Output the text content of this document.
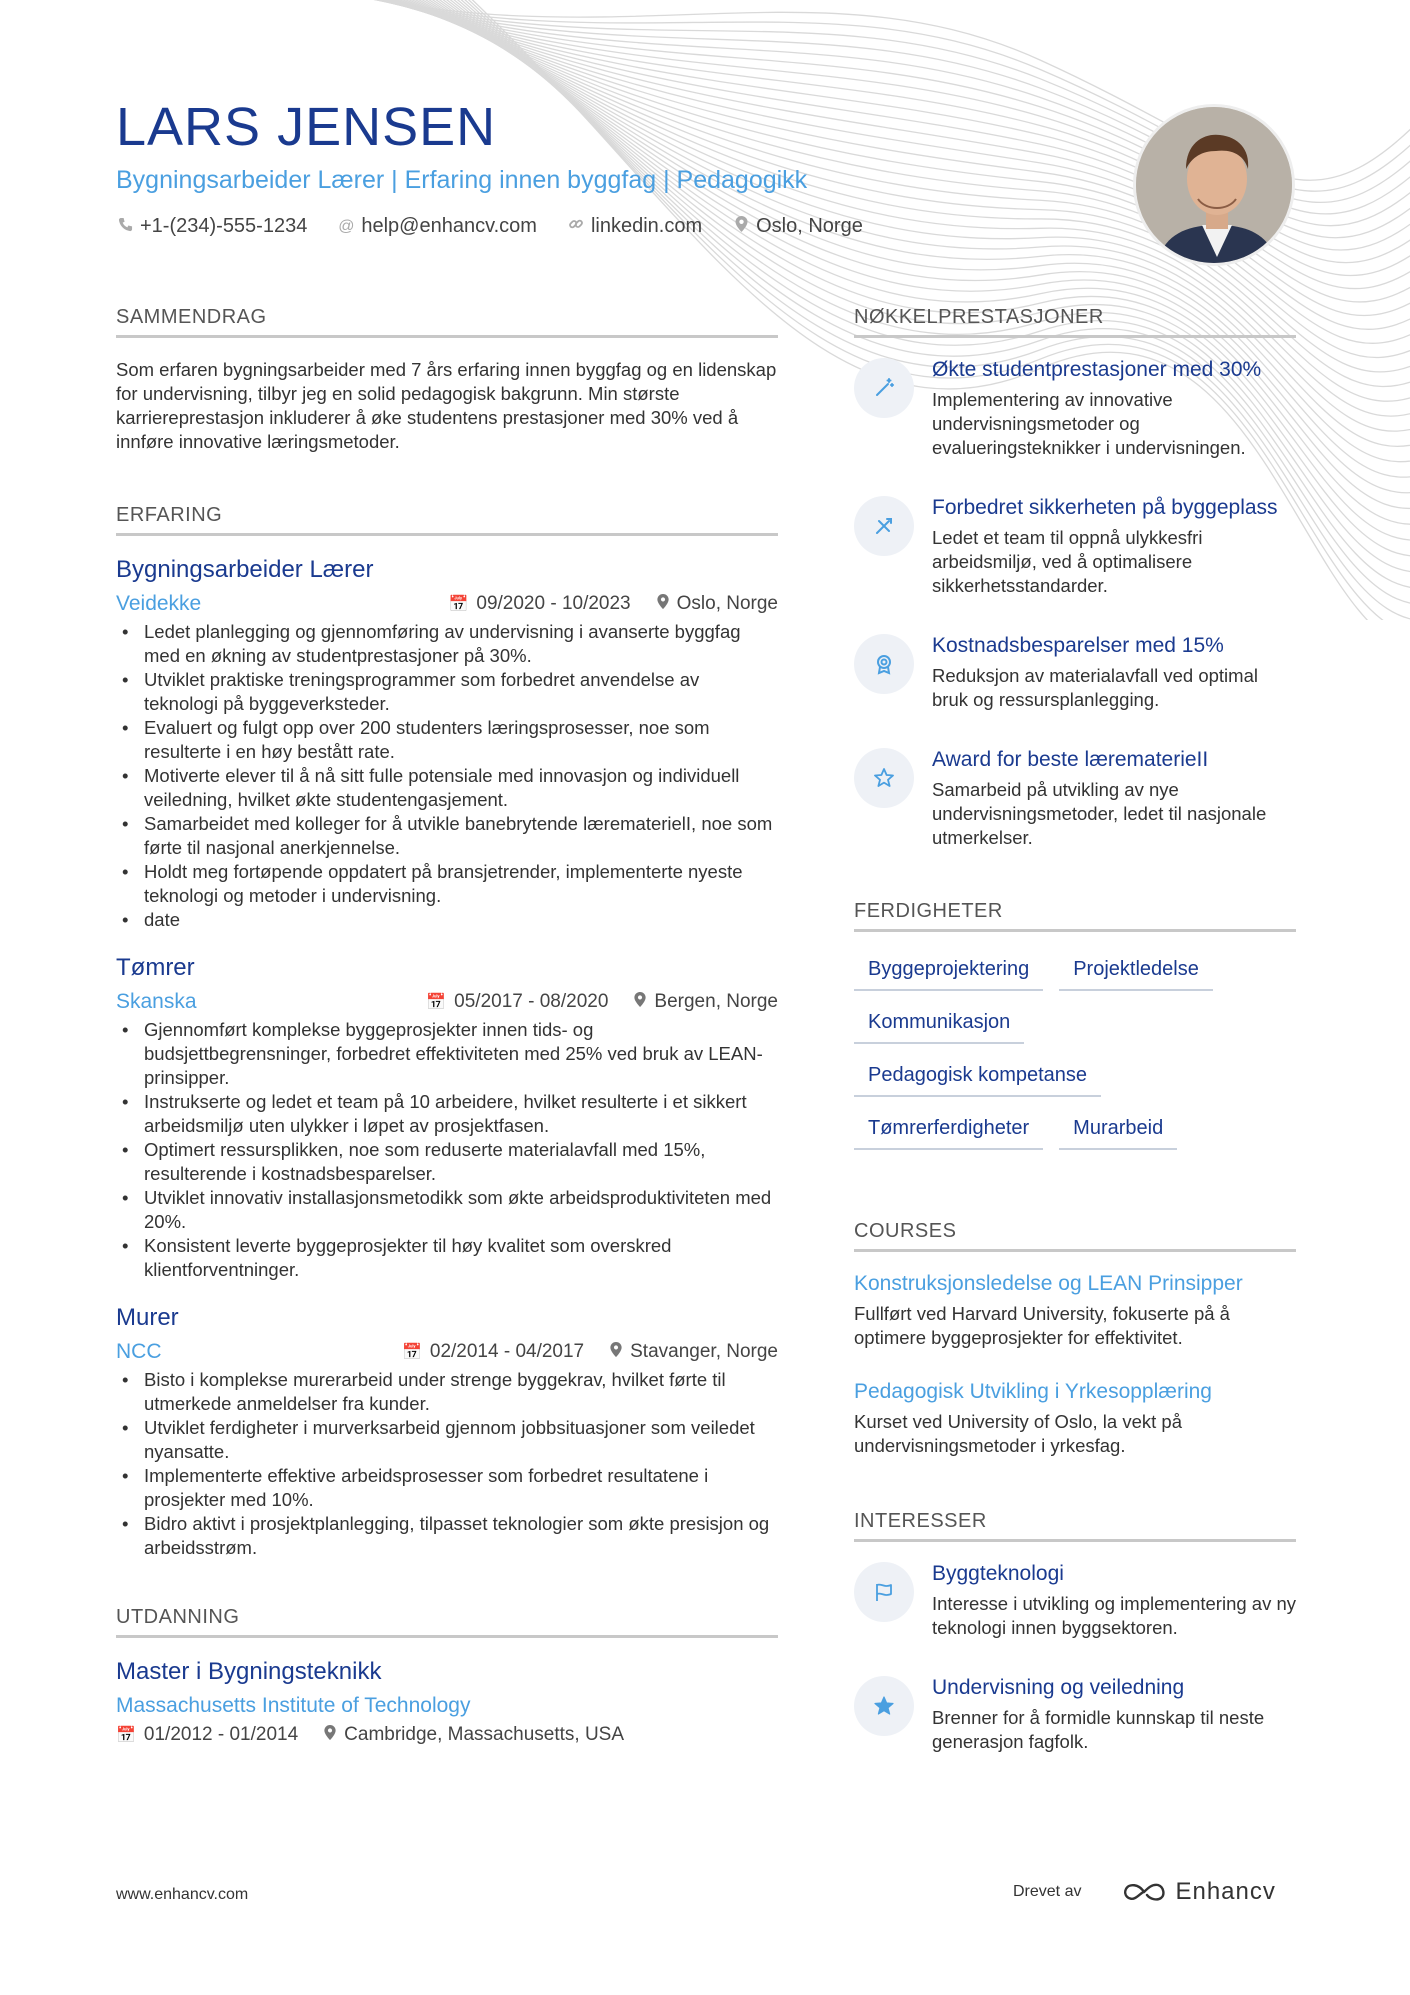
LARS JENSEN
Bygningsarbeider Lærer | Erfaring innen byggfag | Pedagogikk
+1-(234)-555-1234 @ help@enhancv.com	linkedin.com	Oslo, Norge
SAMMENDRAG
Som erfaren bygningsarbeider med 7 års erfaring innen byggfag og en lidenskap for undervisning, tilbyr jeg en solid pedagogisk bakgrunn. Min største karriereprestasjon inkluderer å øke studentens prestasjoner med 30% ved å innføre innovative læringsmetoder.
ERFARING
Bygningsarbeider Lærer
Veidekke	📅 09/2020 - 10/2023 Oslo, Norge
• Ledet planlegging og gjennomføring av undervisning i avanserte byggfag med en økning av studentprestasjoner på 30%.
• Utviklet praktiske treningsprogrammer som forbedret anvendelse av teknologi på byggeverksteder.
• Evaluert og fulgt opp over 200 studenters læringsprosesser, noe som resulterte i en høy bestått rate.
• Motiverte elever til å nå sitt fulle potensiale med innovasjon og individuell veiledning, hvilket økte studentengasjement.
• Samarbeidet med kolleger for å utvikle banebrytende lærematerielI, noe som førte til nasjonal anerkjennelse.
• Holdt meg fortøpende oppdatert på bransjetrender, implementerte nyeste teknologi og metoder i undervisning.
• date
Tømrer
Skanska	📅 05/2017 - 08/2020 Bergen, Norge
• Gjennomført komplekse byggeprosjekter innen tids- og budsjettbegrensninger, forbedret effektiviteten med 25% ved bruk av LEAN-prinsipper.
• Instrukserte og ledet et team på 10 arbeidere, hvilket resulterte i et sikkert arbeidsmiljø uten ulykker i løpet av prosjektfasen.
• Optimert ressursplikken, noe som reduserte materialavfall med 15%, resulterende i kostnadsbesparelser.
• Utviklet innovativ installasjonsmetodikk som økte arbeidsproduktiviteten med 20%.
• Konsistent leverte byggeprosjekter til høy kvalitet som overskred klientforventninger.
Murer
NCC	📅 02/2014 - 04/2017 Stavanger, Norge
• Bisto i komplekse murerarbeid under strenge byggekrav, hvilket førte til utmerkede anmeldelser fra kunder.
• Utviklet ferdigheter i murverksarbeid gjennom jobbsituasjoner som veiledet nyansatte.
• Implementerte effektive arbeidsprosesser som forbedret resultatene i prosjekter med 10%.
• Bidro aktivt i prosjektplanlegging, tilpasset teknologier som økte presisjon og arbeidsstrøm.
UTDANNING
Master i Bygningsteknikk
Massachusetts Institute of Technology
📅 01/2012 - 01/2014 Cambridge, Massachusetts, USA
NØKKELPRESTASJONER
Økte studentprestasjoner med 30%
Implementering av innovative undervisningsmetoder og evalueringsteknikker i undervisningen.
Forbedret sikkerheten på byggeplass
Ledet et team til oppnå ulykkesfri arbeidsmiljø, ved å optimalisere sikkerhetsstandarder.
Kostnadsbesparelser med 15%
Reduksjon av materialavfall ved optimal bruk og ressursplanlegging.
Award for beste lærematerieII
Samarbeid på utvikling av nye undervisningsmetoder, ledet til nasjonale utmerkelser.
FERDIGHETER
Byggeprojektering	Projektledelse
Kommunikasjon
Pedagogisk kompetanse
Tømrerferdigheter	Murarbeid
COURSES
Konstruksjonsledelse og LEAN Prinsipper
Fullført ved Harvard University, fokuserte på å optimere byggeprosjekter for effektivitet.
Pedagogisk Utvikling i Yrkesopplæring
Kurset ved University of Oslo, la vekt på undervisningsmetoder i yrkesfag.
INTERESSER
Byggteknologi
Interesse i utvikling og implementering av ny teknologi innen byggsektoren.
Undervisning og veiledning
Brenner for å formidle kunnskap til neste generasjon fagfolk.
www.enhancv.com	Drevet av	Enhancv
